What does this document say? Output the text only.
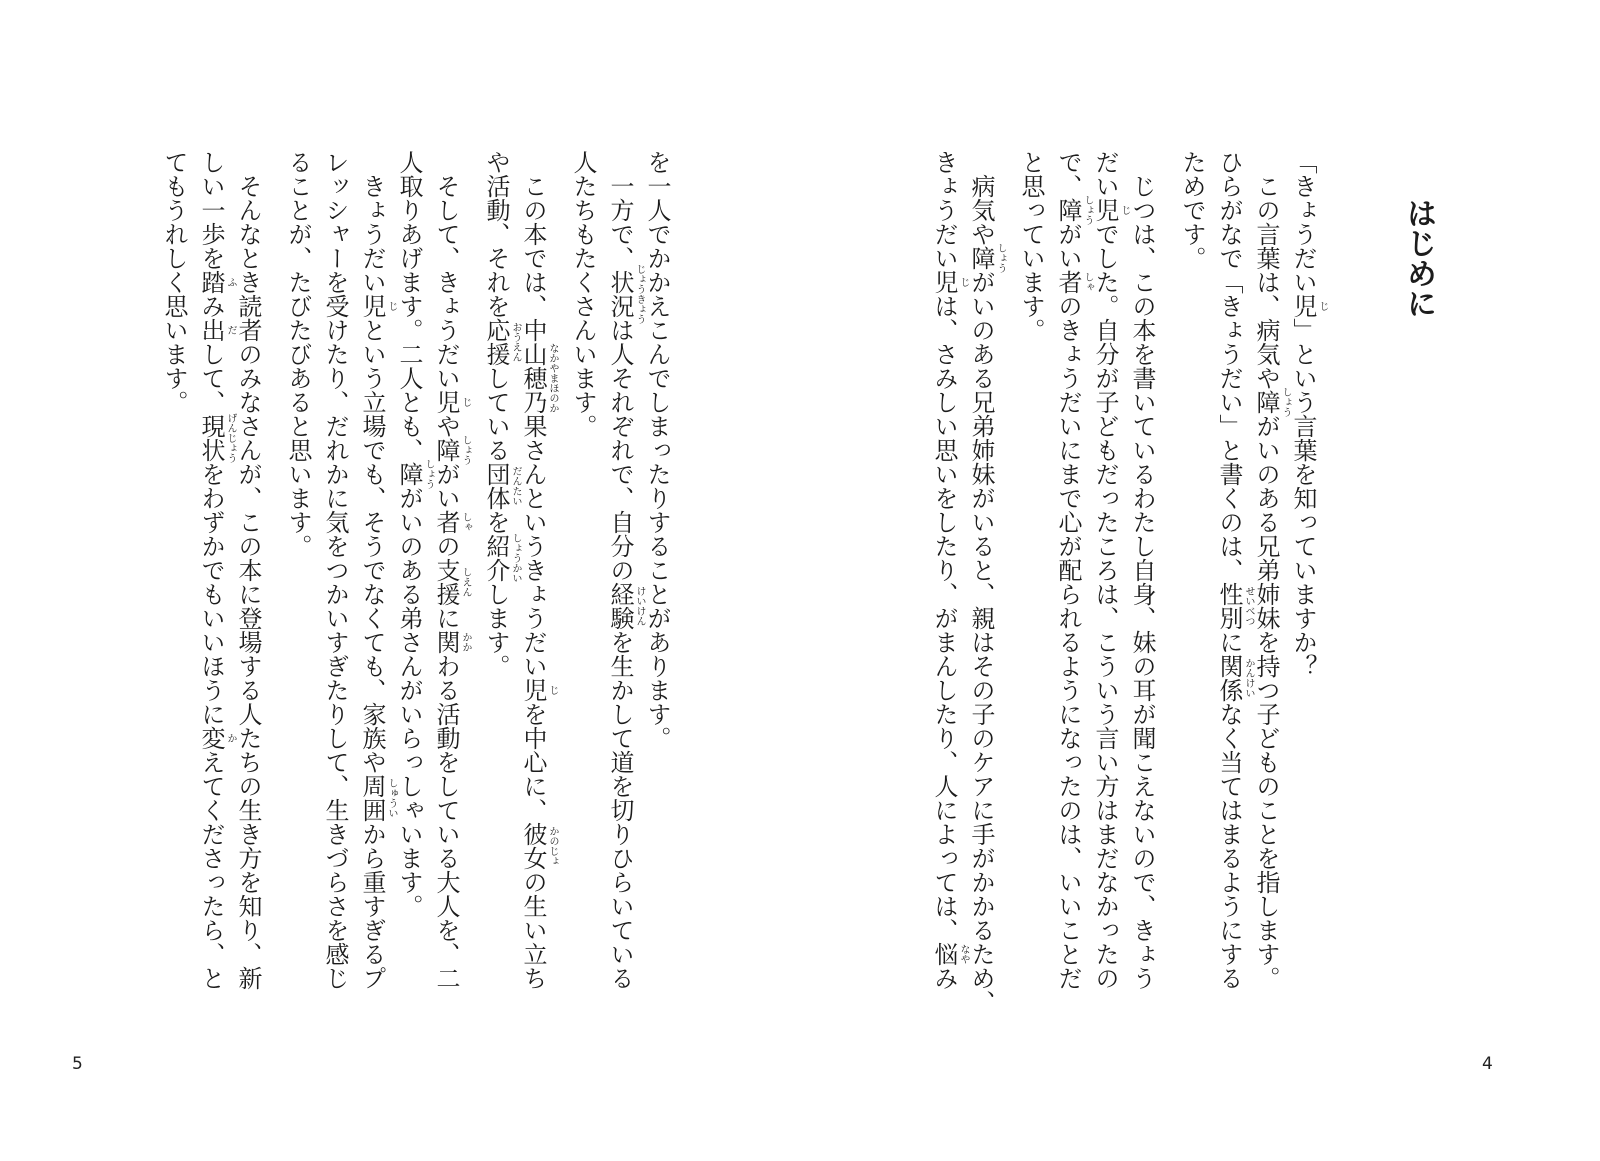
を一人でかかえこんでしまったりすることがあります。
　一方で、状況 じょうきょう
は人それぞれで、自分の経験 けいけん
を生かして道を切りひらいている
人たちもたくさんいます。
　この本では、中山穂乃果 なかやまほのか
さんというきょうだい児 じ
を中心に、彼女 かのじょ
の生い立ち
や活動、それを応援 おうえん
している団体 だんたい
を紹介 しょうかい
します。
　そして、きょうだい児 じ
や障 しょう
がい者 しゃ
の支援 しえん
に関 かか
わる活動をしている大人を、二
人取りあげます。二人とも、障 しょう
がいのある弟さんがいらっしゃいます。
　きょうだい児 じ
という立場でも、そうでなくても、家族や周囲 しゅうい
から重すぎるプ
レッシャーを受けたり、だれかに気をつかいすぎたりして、生きづらさを感じ
ることが、たびたびあると思います。
　そんなとき読者のみなさんが、この本に登場する人たちの生き方を知り、新
しい一歩を踏 ふ
み出 だ
して、現状 げんじょう
をわずかでもいいほうに変 か
えてくださったら、と
てもうれしく思います。
5
はじめに
「きょうだい児 じ
」という言葉を知っていますか？
　この言葉は、病気や障 しょう
がいのある兄弟姉妹を持つ子どものことを指します。
ひらがなで「きょうだい」と書くのは、性別 せいべつ
に関係 かんけい
なく当てはまるようにする
ためです。
　じつは、この本を書いているわたし自身、妹の耳が聞こえないので、きょう
だい児 じ
でした。自分が子どもだったころは、こういう言い方はまだなかったの
で、障 しょう
がい者 しゃ
のきょうだいにまで心が配られるようになったのは、いいことだ
と思っています。
　病気や障 しょう
がいのある兄弟姉妹がいると、親はその子のケアに手がかかるため、
きょうだい児 じ
は、さみしい思いをしたり、がまんしたり、人によっては、悩 なや
み
4
